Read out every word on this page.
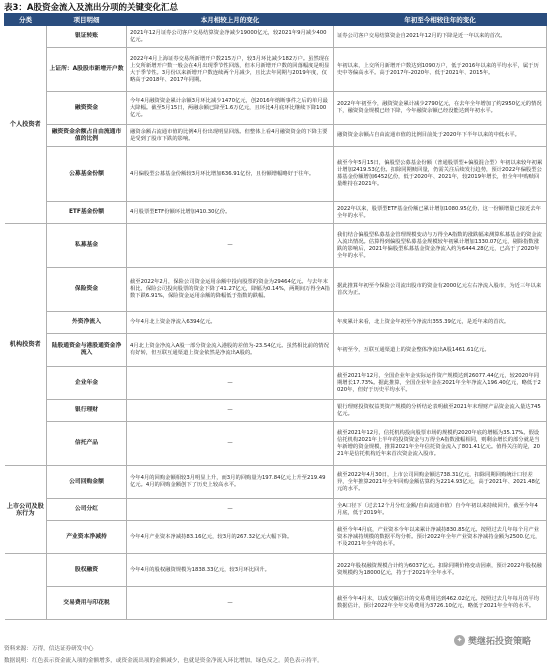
表3：A股资金流入及流出分项的关键变化汇总
分类	项目明细	本月相较上月的变化	年初至今相较往年的变化
个人投资者	银证转账	2021年12月证券公司客户交易结算资金净减少19000亿元，较2021年9月减少400亿元。	证券公司客户交易结算资金自2021年12月的下降是近一年以来的首次。
	上证所：A股股市新增开户数	2022年4月上海证券交易所新增开户数215万户，较3月环比减少182万户。虽然现在上交所新增开户数一般会在4月出现季节性回落，但本月新增开户数的回落幅度是明显大于季节性。3月份以来新增开户数连续两个月减少，且比去年同期与2019年度，仅略高于2018年、2017年同期。	年初以来，上交所月新增开户数达到1090万户，低于2016年以来的平均水平，属于历史中等偏高水平。高于2017年-2020年、低于2021年、2015年。
	融资资金	今年4月融资资金累计余额3月环比减少1470亿元，创2016年熔断事件之后的单月最大降幅。截至5月15日，两融余额已降至1.6万亿元，且环比4月底环比继续下降100亿元。	2022年年初至今，融资资金累计减少2790亿元，在去年全年增加了约2950亿元的情况下，融资资金规模已经下降，今年融资余额已经没能达到年初水平。
	融资资金余额占自由流通市值的比例	融资余额占流通市值的比例4月份出现明显回落。但整体上看4月融资资金的下降主要是受到了股市下跌的影响。	融资资金余额占自由流通市值的比例目前处于2020年下半年以来的中低水平。
	公募基金份额	4月偏股型公募基金份额较3月环比增加636.91亿份，且份额增幅略好于往年。	截至今年5月15日，偏股型公募基金份额（普通股票型+偏股混合型）年初以来较年初累计增加2419.53亿份。扣除同期赎回量，仍需关注后续发行趋势，预计2022年偏股型公募基金份额增加6452亿份，低于2020年、2021年，较2019年增长，但全年申购赎回量维持在2021年。
	ETF基金份额	4月股票型ETF份额环比增加410.30亿份。	2022年以来，股票型ETF基金份额已累计增加1080.95亿份，这一份额增量已接近去年全年的水平。
机构投资者	私募基金	—	我们结合偏股型私募基金管理规模变动与万得全A指数的涨跌幅来测算私募基金的资金流入流出情况。估算得到偏股型私募基金规模较年初累计增加1330.07亿元，剔除指数涨跌的影响后，2021年偏股型私募基金资金净流入约为6444.28亿元，已高于了2020年全年的水平。
	保险资金	截至2022年2月，保险公司资金运用余额中投向股票的资金为29464亿元。与去年末相比，保险公司投向股票的资金下降了41.27亿元，降幅为0.14%，两期间万得全A指数下跌6.91%，保险资金运用余额的降幅低于指数的跌幅。	据此推算年初至今保险公司流出股市的资金有2000亿元左右净流入股市，为近三年以来首次为正。
	外资净流入	今年4月北上资金净流入6394亿元。	年度累计来看，北上资金年初至今净流出355.39亿元，是近年来的首次。
	陆股通资金与港股通资金净流入	4月北上资金净流入A股一部分资金流入港股的差值为-23.54亿元。虽然相比前的情况有好转，但互联互通渠道上资金依然是净流出A股的。	年初至今，互联互通渠道上的资金整体净流出A股1461.61亿元。
	企业年金	—	截至2021年12月，全国企业年金实际运作资产规模达到26077.44亿元，较2020年同期增长17.73%。据此推算，全国企业年金在2021年全年净流入196.40亿元，略低于2020年，但好于历史平均水平。
	银行理财	—	银行理财投资权益类资产规模的分析结论表明截至2021年末理财产品资金流入量达745亿元。
	信托产品	—	截至2021年12月，信托机构投向股票市场的规模约2020年底的增幅为35.17%。假设信托机构2021年上半年的投资资金与万得全A指数涨幅相同，则剩余增长的部分就是当年新增的资金规模，推算2021年全年信托资金流入了801.41亿元。值得关注的是，2021年是信托机构近年来首次资金流入股市。
上市公司及股东行为	公司回购金额	今年4月的回购金额相较3月明显上升，而3月的回购量为197.84亿元上升至219.49亿元。4月的回购金额创下了历史上较高水平。	截至2022年4月30日，上市公司回购金额达738.31亿元，扣除同期回购统计口径差异，全年推算2021年全年回购金额估算约为2214.93亿元，高于2021年、2021.48亿元的水平。
	公司分红	—	全A口径下（过去12个月分红金额/自由流通市值）自今年初以来持续回升，截至今年4月底，低于2019年。
	产业资本净减持	今年4月产业资本净减持83.16亿元，较3月的267.32亿元大幅下降。	截至今年4月底，产业资本今年以来累计净减持830.85亿元。按照过去几年每个月产业资本净减持规模的数据平均分析。预计2022年全年产业资本净减持金额为2500.亿元，不及2021年全年的水平。
	股权融资	今年4月的股权融资规模为1838.33亿元，较3月环比回升。	2022年股权融资规模合计约为6037亿元。扣除同期价格变动因素，预计2022年股权融资规模约为18000亿元，持于于2021年全年水平。
	交易费用与印花税	—	截至今年4月末，以成交额估计的交易费用达到462.02亿元。按照过去几年每月的平均数据估计，预计2022年全年交易费用为3726.10亿元，略低于2021年全年的水平。
资料来源：万得，信达证券研发中心
数据说明：红色表示资金流入项的金额增多，或资金流出项的金额减少，也就是资金净流入环比增加，绿色反之。黄色表示持平。
✦ 樊继拓投资策略
